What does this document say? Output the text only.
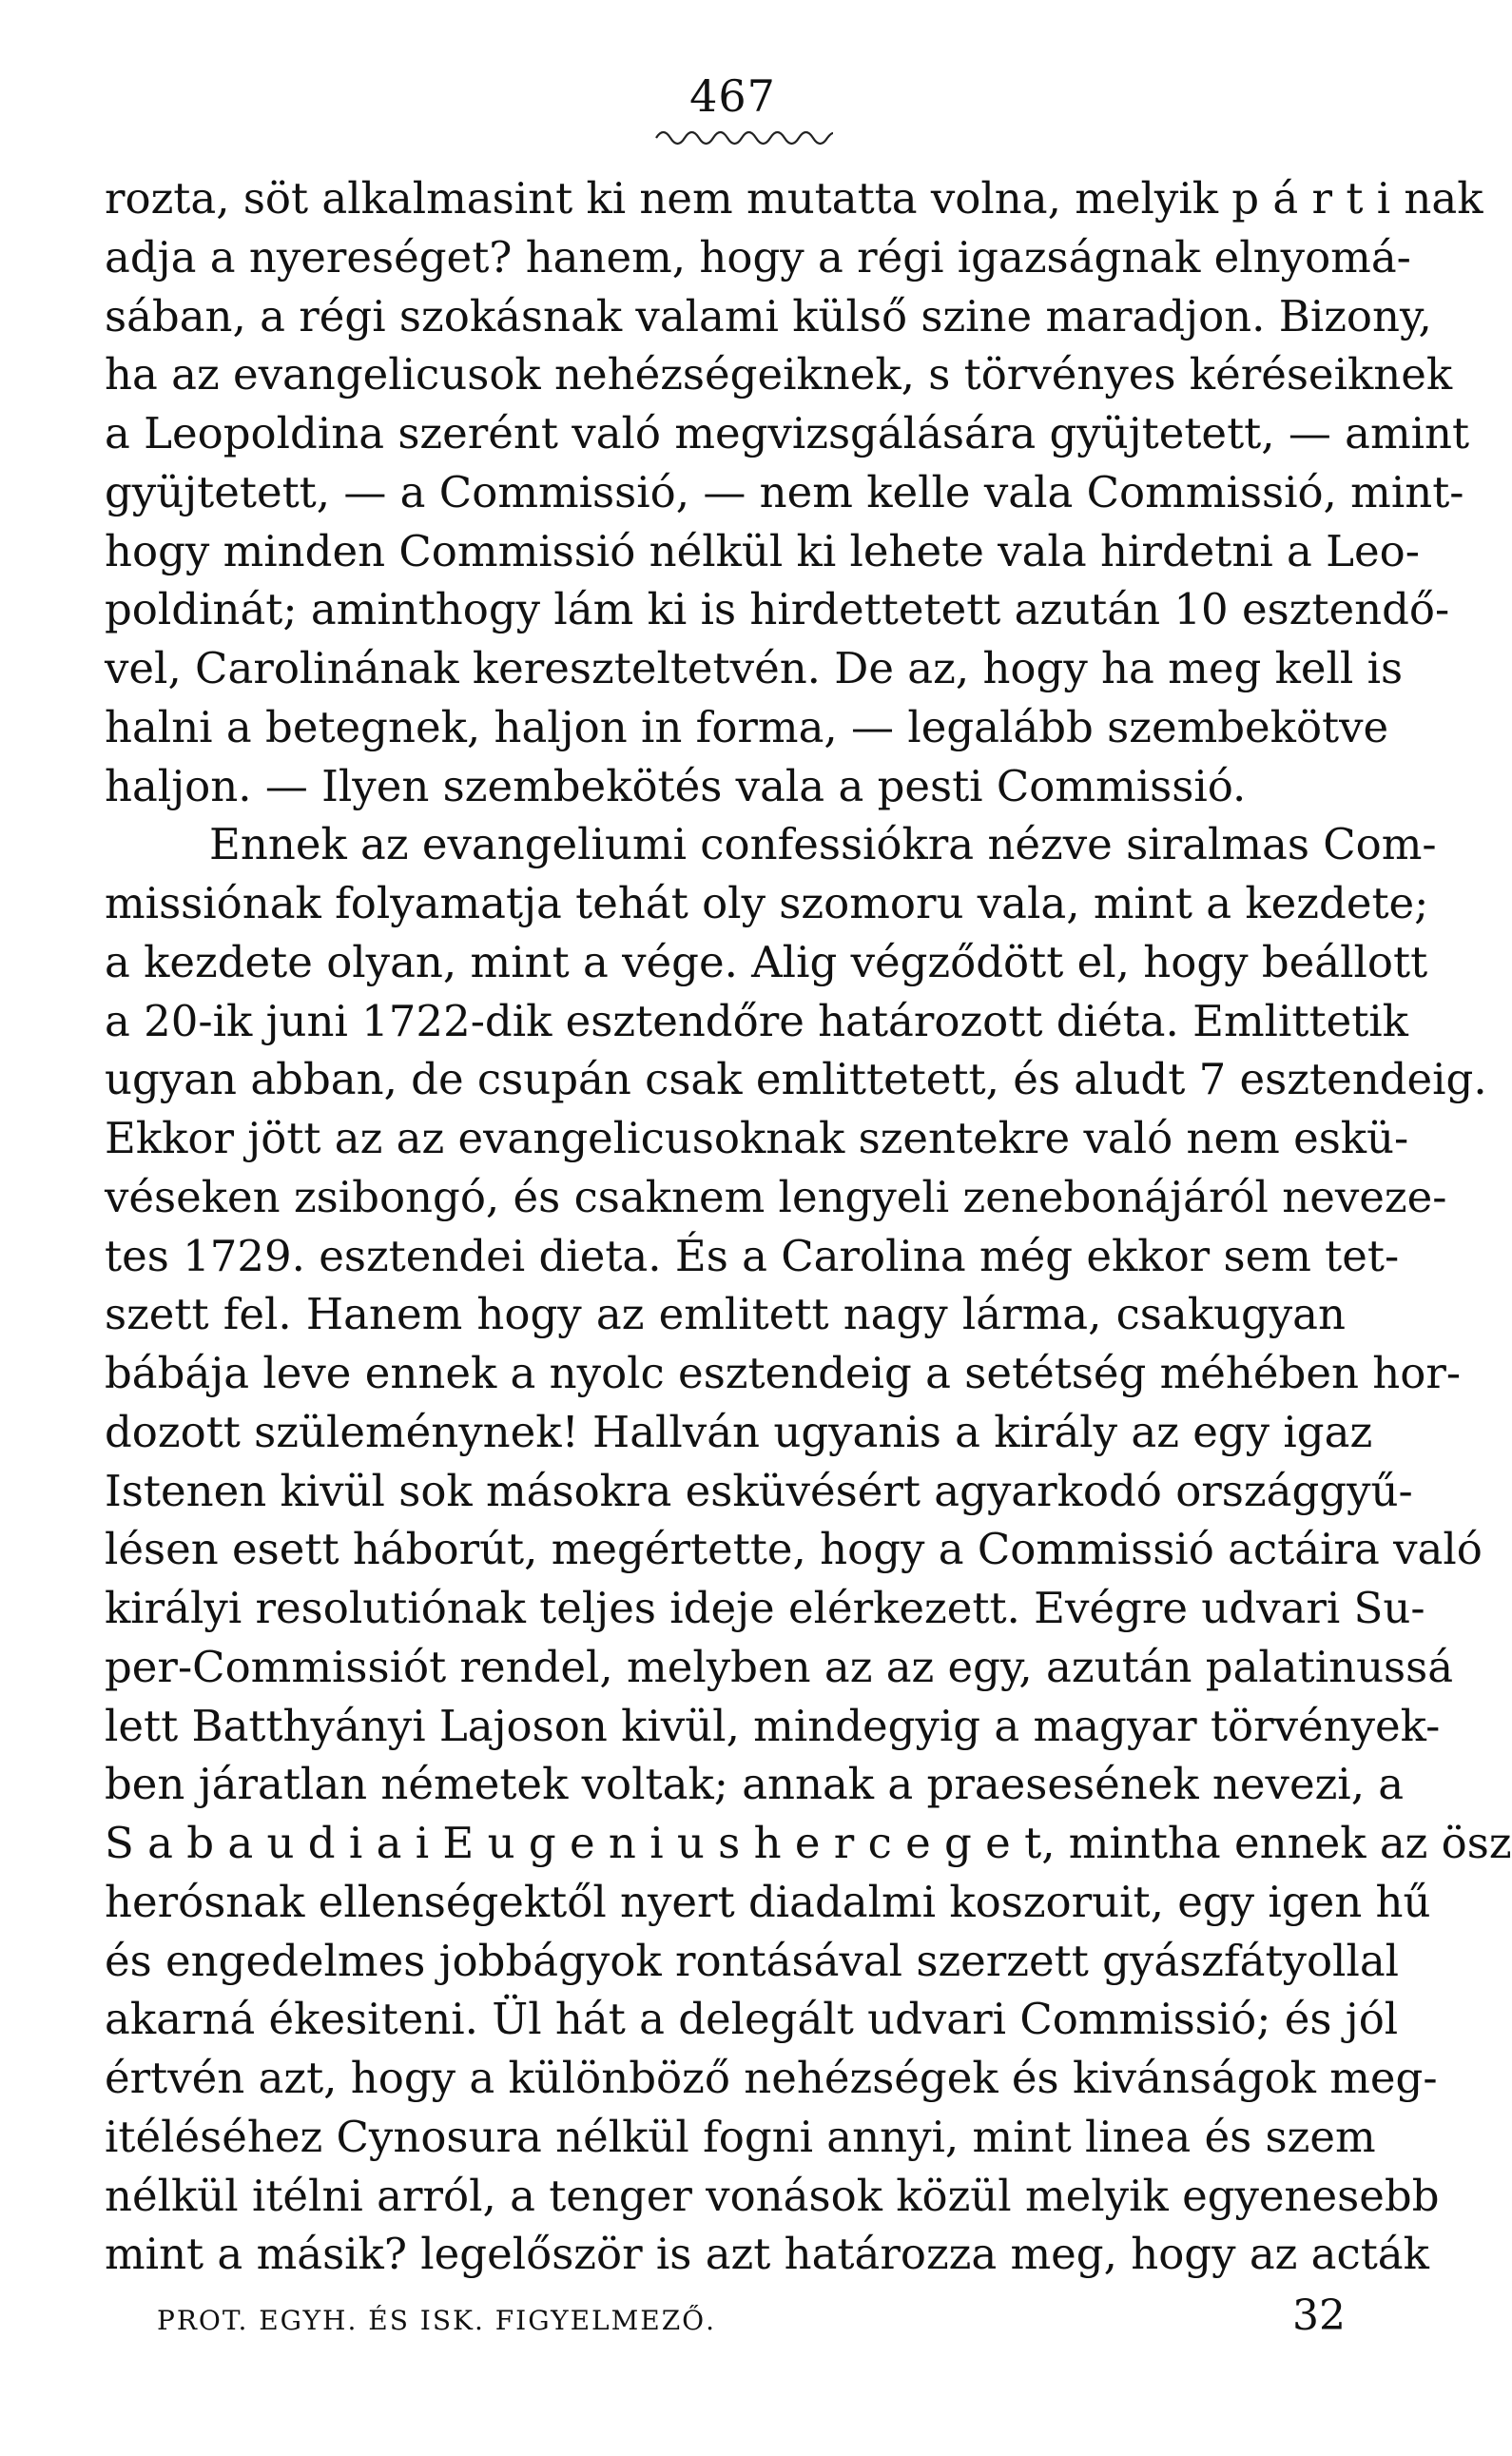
467
rozta, söt alkalmasint ki nem mutatta volna, melyik p á r t i nak
adja a nyereséget? hanem, hogy a régi igazságnak elnyomá-
sában, a régi szokásnak valami külső szine maradjon. Bizony,
ha az evangelicusok nehézségeiknek, s törvényes kéréseiknek
a Leopoldina szerént való megvizsgálására gyüjtetett, — amint
gyüjtetett, — a Commissió, — nem kelle vala Commissió, mint-
hogy minden Commissió nélkül ki lehete vala hirdetni a Leo-
poldinát; aminthogy lám ki is hirdettetett azután 10 esztendő-
vel, Carolinának kereszteltetvén. De az, hogy ha meg kell is
halni a betegnek, haljon in forma, — legalább szembekötve
haljon. — Ilyen szembekötés vala a pesti Commissió.
Ennek az evangeliumi confessiókra nézve siralmas Com-
missiónak folyamatja tehát oly szomoru vala, mint a kezdete;
a kezdete olyan, mint a vége. Alig végződött el, hogy beállott
a 20-ik juni 1722-dik esztendőre határozott diéta. Emlittetik
ugyan abban, de csupán csak emlittetett, és aludt 7 esztendeig.
Ekkor jött az az evangelicusoknak szentekre való nem eskü-
véseken zsibongó, és csaknem lengyeli zenebonájáról neveze-
tes 1729. esztendei dieta. És a Carolina még ekkor sem tet-
szett fel. Hanem hogy az emlitett nagy lárma, csakugyan
bábája leve ennek a nyolc esztendeig a setétség méhében hor-
dozott szüleménynek! Hallván ugyanis a király az egy igaz
Istenen kivül sok másokra esküvésért agyarkodó országgyű-
lésen esett háborút, megértette, hogy a Commissió actáira való
királyi resolutiónak teljes ideje elérkezett. Evégre udvari Su-
per-Commissiót rendel, melyben az az egy, azután palatinussá
lett Batthyányi Lajoson kivül, mindegyig a magyar törvények-
ben járatlan németek voltak; annak a praesesének nevezi, a
S a b a u d i a i E u g e n i u s h e r c e g e t, mintha ennek az ösz
herósnak ellenségektől nyert diadalmi koszoruit, egy igen hű
és engedelmes jobbágyok rontásával szerzett gyászfátyollal
akarná ékesiteni. Ül hát a delegált udvari Commissió; és jól
értvén azt, hogy a különböző nehézségek és kivánságok meg-
itéléséhez Cynosura nélkül fogni annyi, mint linea és szem
nélkül itélni arról, a tenger vonások közül melyik egyenesebb
mint a másik? legelőször is azt határozza meg, hogy az acták
PROT. EGYH. ÉS ISK. FIGYELMEZŐ.	32
